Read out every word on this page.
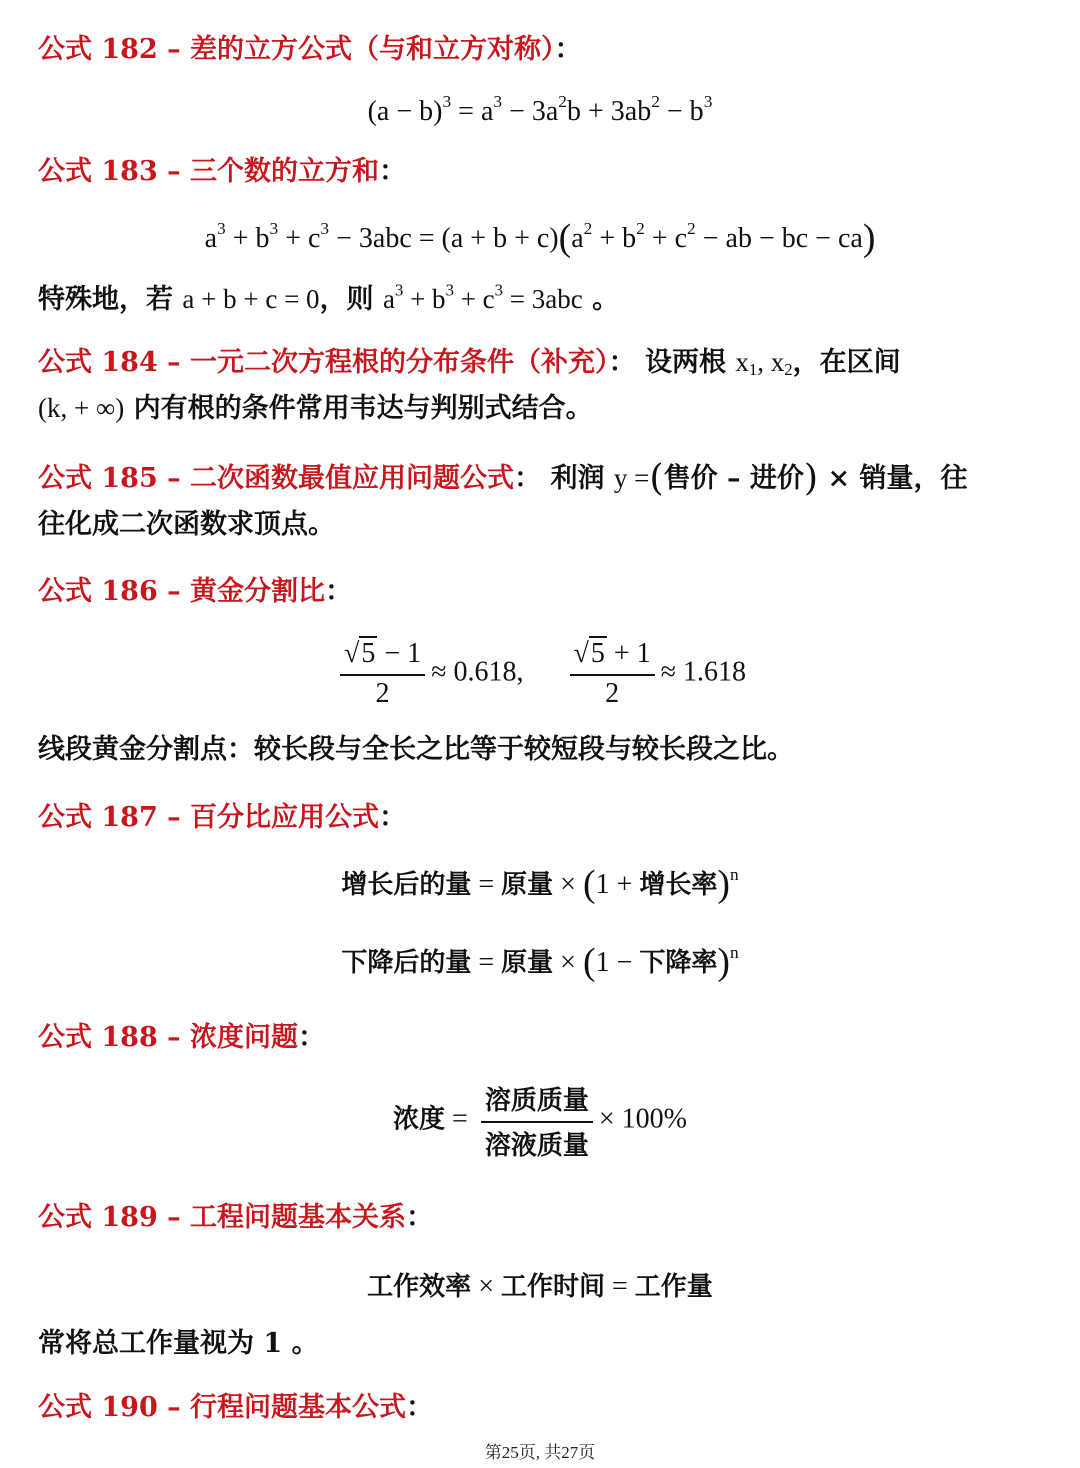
公式 182 – 差的立方公式（与和立方对称）：
$(a - b)^3 = a^3 - 3a^2b + 3ab^2 - b^3$
公式 183 – 三个数的立方和：
$a^3 + b^3 + c^3 - 3abc = (a + b + c)(a^2 + b^2 + c^2$ − ab − bc − ca)
特殊地，若 a + b + c = 0，则 $a^3 + b^3 + c^3 = 3abc$ 。
公式 184 – 一元二次方程根的分布条件（补充）： 设两根 $x_1$, $x_2$，在区间
(k, + ∞) 内有根的条件常用韦达与判别式结合。
公式 185 – 二次函数最值应用问题公式： 利润 y =(售价 – 进价) × 销量，往
往化成二次函数求顶点。
公式 186 – 黄金分割比：
$\frac{√5 - 1}{2} \approx 0.618$, $\frac{√5 + 1}{2} \approx 1.618$
线段黄金分割点：较长段与全长之比等于较短段与较长段之比。
公式 187 – 百分比应用公式：
增长后的量 = 原量 × (1 + 增长率)$^n$
下降后的量 = 原量 × (1 − 下降率)$^n$
公式 188 – 浓度问题：
浓度 = $\frac{\text{溶质质量}}{\text{溶液质量}} \times 100\%$
公式 189 – 工程问题基本关系：
工作效率 × 工作时间 = 工作量
常将总工作量视为 1 。
公式 190 – 行程问题基本公式：
第25页, 共27页
